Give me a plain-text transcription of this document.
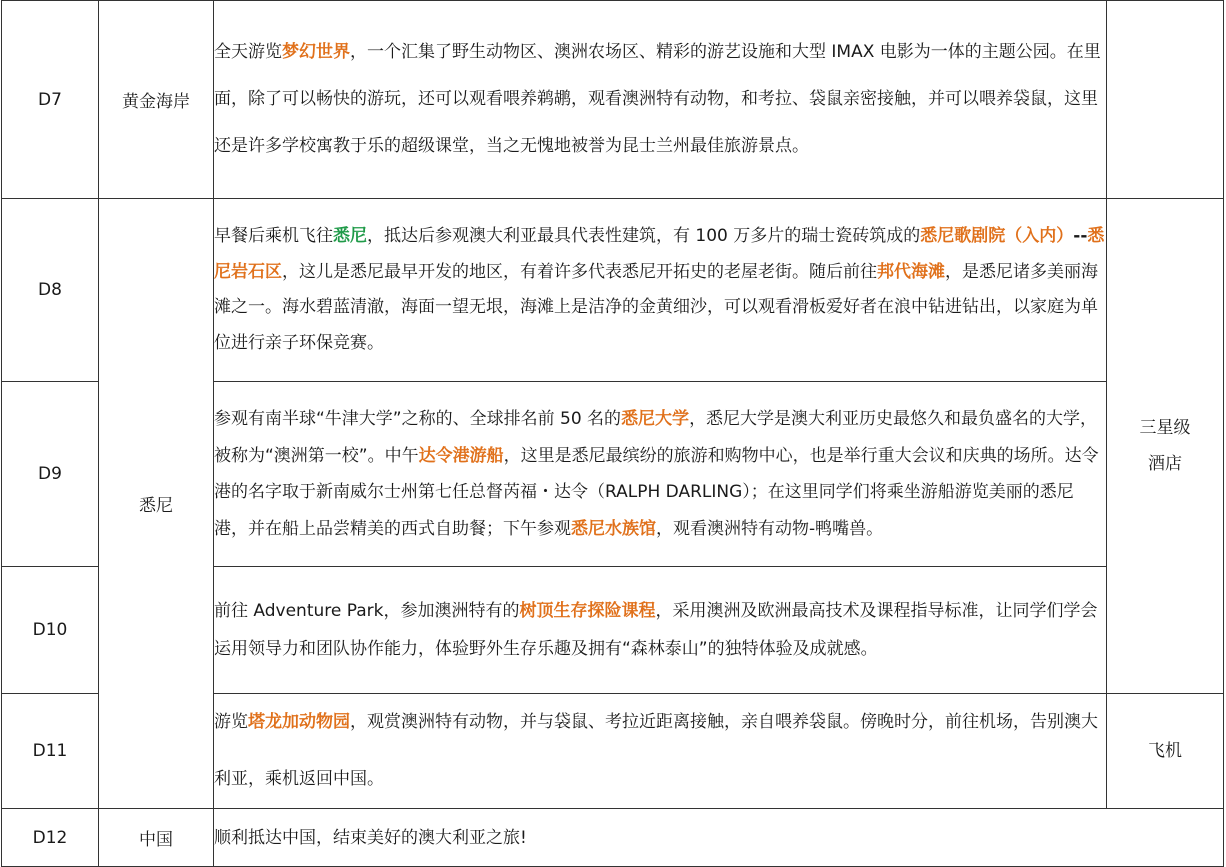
D7	黄金海岸	全天游览梦幻世界，一个汇集了野生动物区、澳洲农场区、精彩的游艺设施和大型 IMAX 电影为一体的主题公园。在里面，除了可以畅快的游玩，还可以观看喂养鹈鹕，观看澳洲特有动物，和考拉、袋鼠亲密接触，并可以喂养袋鼠，这里还是许多学校寓教于乐的超级课堂，当之无愧地被誉为昆士兰州最佳旅游景点。	
D8	悉尼	早餐后乘机飞往悉尼，抵达后参观澳大利亚最具代表性建筑，有 100 万多片的瑞士瓷砖筑成的悉尼歌剧院（入内）--悉尼岩石区，这儿是悉尼最早开发的地区，有着许多代表悉尼开拓史的老屋老街。随后前往邦代海滩，是悉尼诸多美丽海滩之一。海水碧蓝清澈，海面一望无垠，海滩上是洁净的金黄细沙，可以观看滑板爱好者在浪中钻进钻出，以家庭为单位进行亲子环保竞赛。	三星级
酒店
D9		参观有南半球“牛津大学”之称的、全球排名前 50 名的悉尼大学，悉尼大学是澳大利亚历史最悠久和最负盛名的大学，被称为“澳洲第一校”。中午达令港游船，这里是悉尼最缤纷的旅游和购物中心，也是举行重大会议和庆典的场所。达令港的名字取于新南威尔士州第七任总督芮福・达令（RALPH DARLING）；在这里同学们将乘坐游船游览美丽的悉尼港，并在船上品尝精美的西式自助餐；下午参观悉尼水族馆，观看澳洲特有动物-鸭嘴兽。	
D10		前往 Adventure Park，参加澳洲特有的树顶生存探险课程，采用澳洲及欧洲最高技术及课程指导标准，让同学们学会运用领导力和团队协作能力，体验野外生存乐趣及拥有“森林泰山”的独特体验及成就感。	
D11		游览塔龙加动物园，观赏澳洲特有动物，并与袋鼠、考拉近距离接触，亲自喂养袋鼠。傍晚时分，前往机场，告别澳大利亚，乘机返回中国。	飞机
D12	中国	顺利抵达中国，结束美好的澳大利亚之旅!	
